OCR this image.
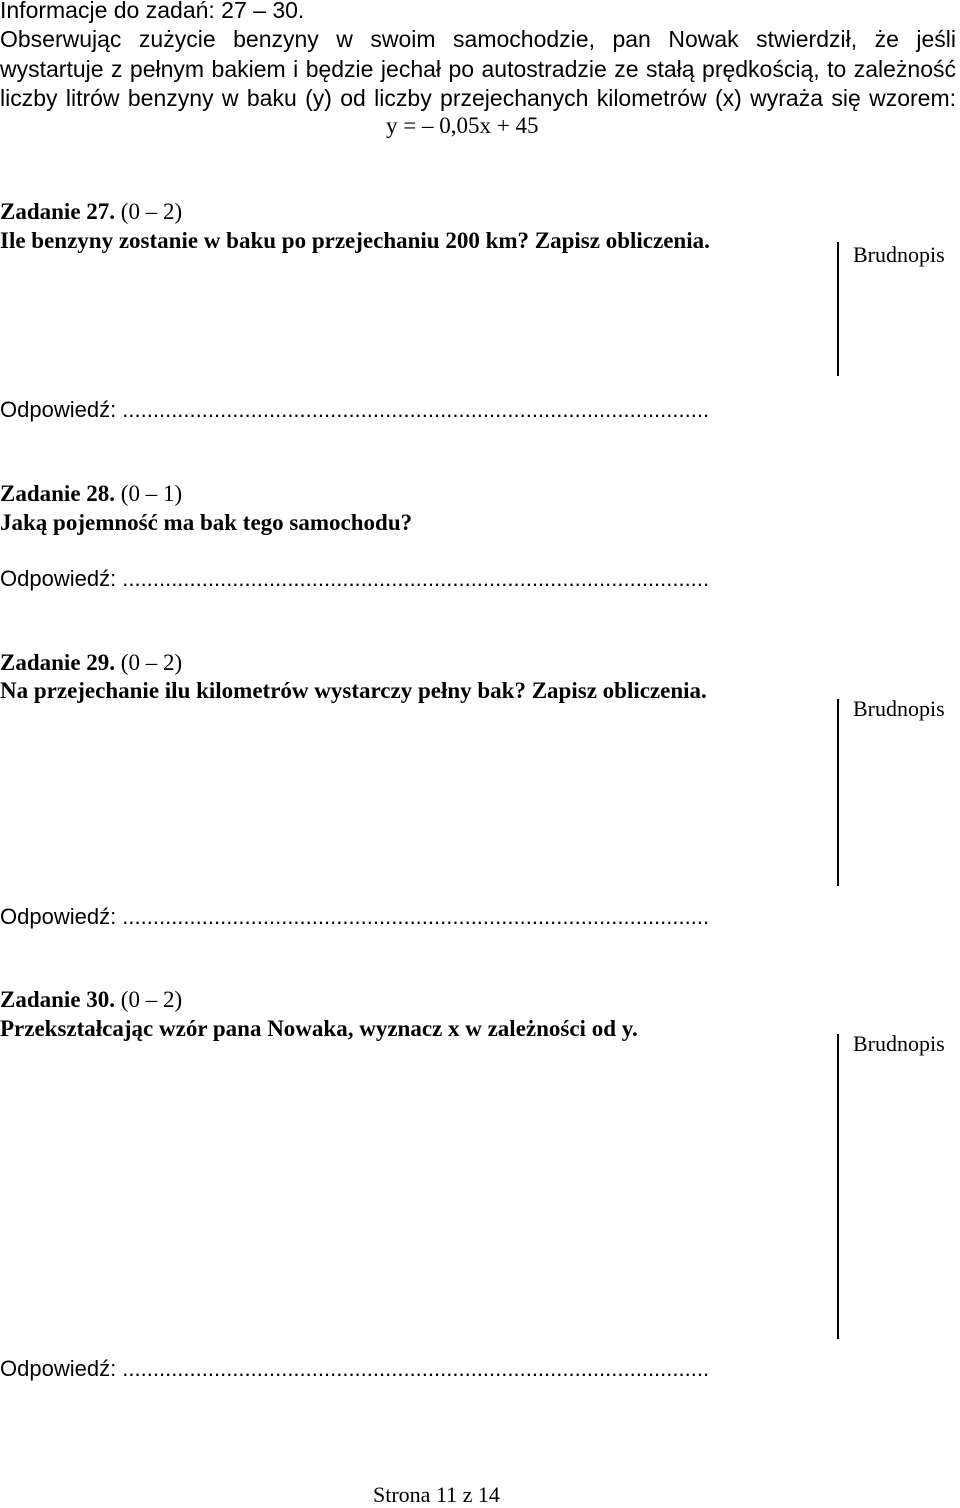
Informacje do zadań: 27 – 30.
Obserwując zużycie benzyny w swoim samochodzie, pan Nowak stwierdził, że jeśli
wystartuje z pełnym bakiem i będzie jechał po autostradzie ze stałą prędkością, to zależność
liczby litrów benzyny w baku (y) od liczby przejechanych kilometrów (x) wyraża się wzorem:
y = – 0,05x + 45
Zadanie 27. (0 – 2)
Ile benzyny zostanie w baku po przejechaniu 200 km? Zapisz obliczenia.
Brudnopis
Odpowiedź: ................................................................................................
Zadanie 28. (0 – 1)
Jaką pojemność ma bak tego samochodu?
Odpowiedź: ................................................................................................
Zadanie 29. (0 – 2)
Na przejechanie ilu kilometrów wystarczy pełny bak? Zapisz obliczenia.
Brudnopis
Odpowiedź: ................................................................................................
Zadanie 30. (0 – 2)
Przekształcając wzór pana Nowaka, wyznacz x w zależności od y.
Brudnopis
Odpowiedź: ................................................................................................
Strona 11 z 14
